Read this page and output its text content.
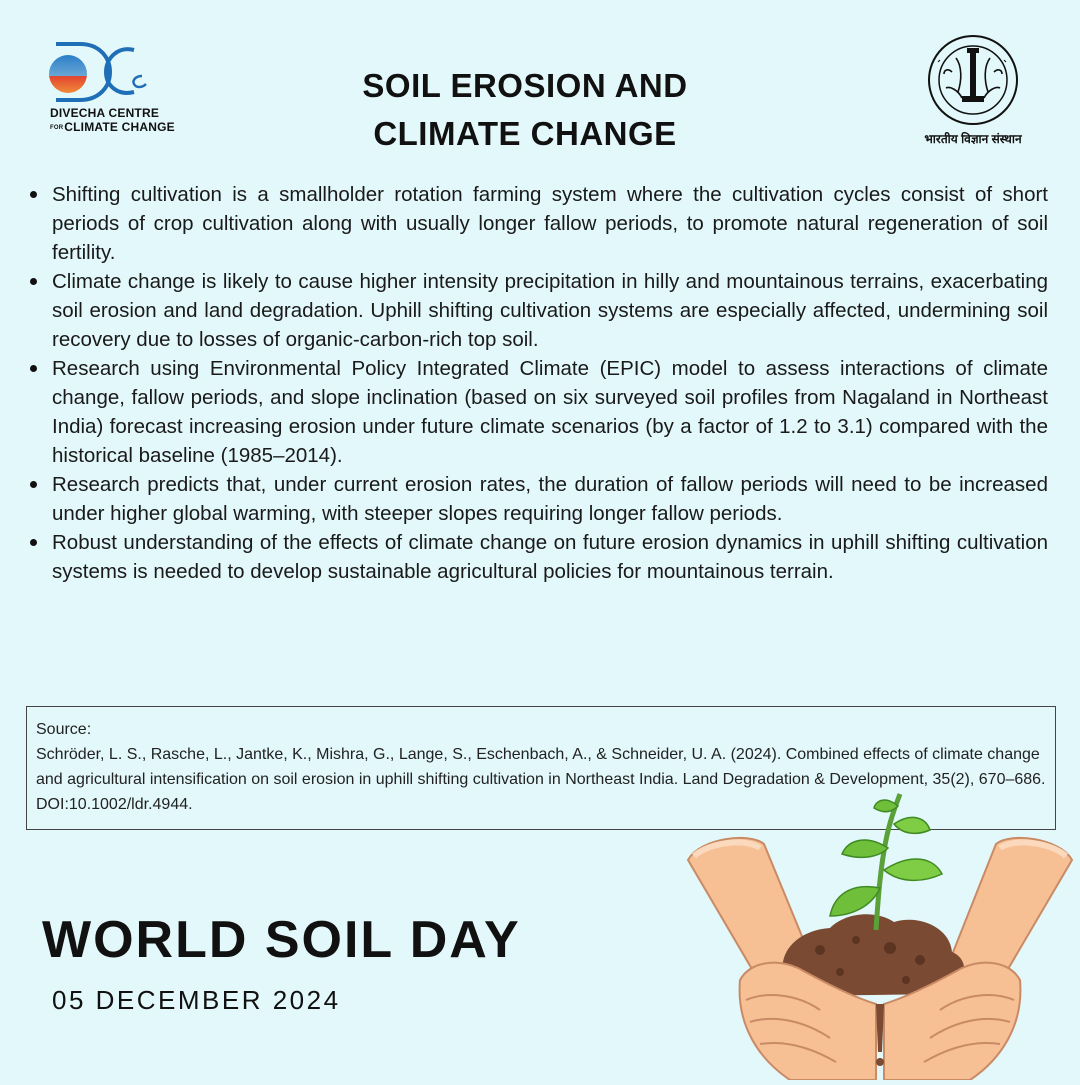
DIVECHA CENTRE
FORCLIMATE CHANGE
SOIL EROSION AND
CLIMATE CHANGE	भारतीय विज्ञान संस्थान
Shifting cultivation is a smallholder rotation farming system where the cultivation cycles consist of short periods of crop cultivation along with usually longer fallow periods, to promote natural regeneration of soil fertility.
Climate change is likely to cause higher intensity precipitation in hilly and mountainous terrains, exacerbating soil erosion and land degradation. Uphill shifting cultivation systems are especially affected, undermining soil recovery due to losses of organic-carbon-rich top soil.
Research using Environmental Policy Integrated Climate (EPIC) model to assess interactions of climate change, fallow periods, and slope inclination (based on six surveyed soil profiles from Nagaland in Northeast India) forecast increasing erosion under future climate scenarios (by a factor of 1.2 to 3.1) compared with the historical baseline (1985–2014).
Research predicts that, under current erosion rates, the duration of fallow periods will need to be increased under higher global warming, with steeper slopes requiring longer fallow periods.
Robust understanding of the effects of climate change on future erosion dynamics in uphill shifting cultivation systems is needed to develop sustainable agricultural policies for mountainous terrain.
Source:
Schröder, L. S., Rasche, L., Jantke, K., Mishra, G., Lange, S., Eschenbach, A., & Schneider, U. A. (2024). Combined effects of climate change and agricultural intensification on soil erosion in uphill shifting cultivation in Northeast India. Land Degradation & Development, 35(2), 670–686. DOI:10.1002/ldr.4944.
WORLD SOIL DAY
05 DECEMBER 2024
